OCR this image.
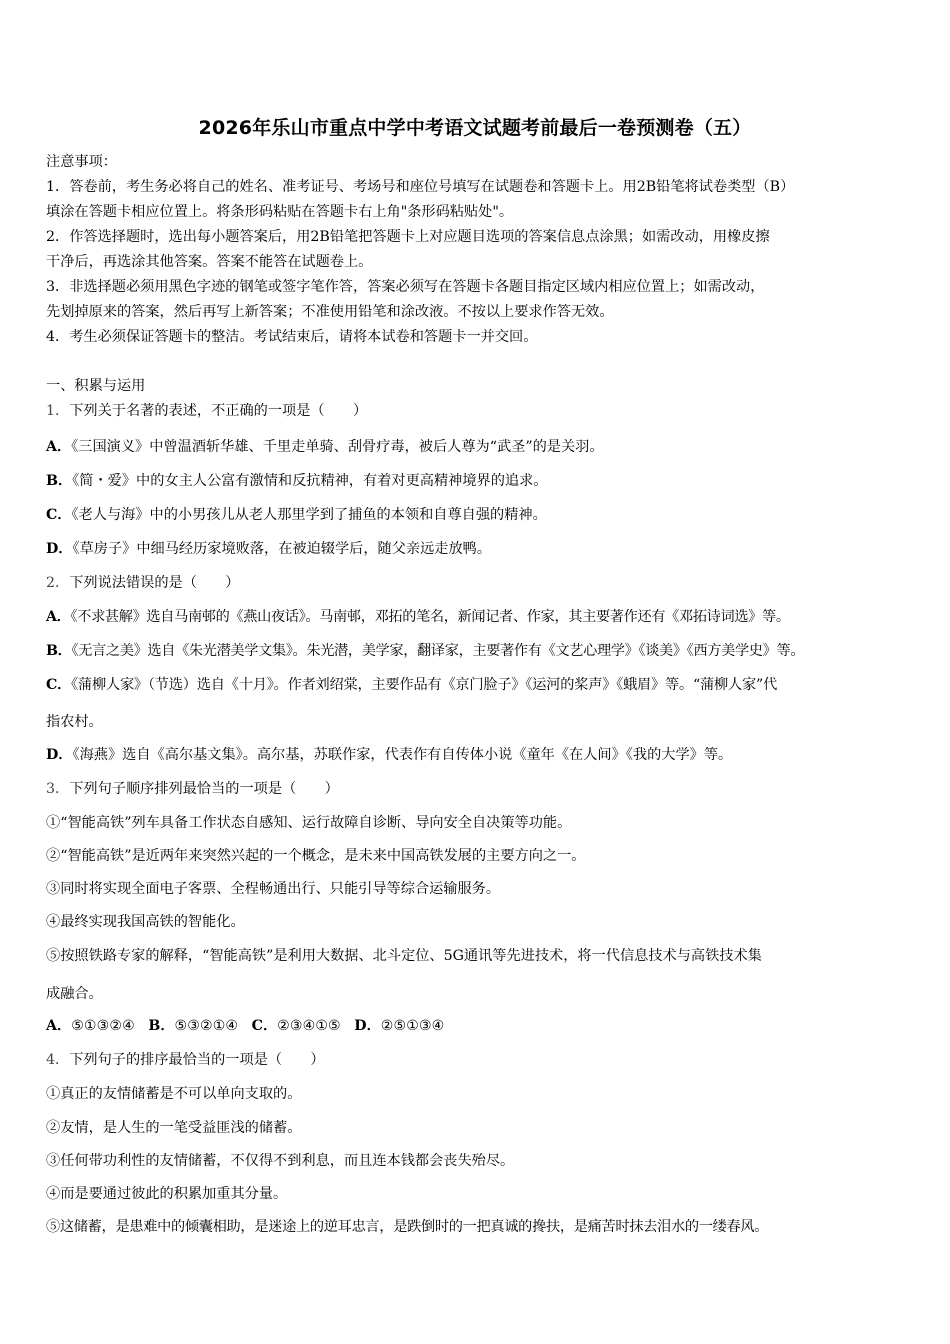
2026年乐山市重点中学中考语文试题考前最后一卷预测卷（五）
注意事项：
1．答卷前，考生务必将自己的姓名、准考证号、考场号和座位号填写在试题卷和答题卡上。用2B铅笔将试卷类型（B）
填涂在答题卡相应位置上。将条形码粘贴在答题卡右上角"条形码粘贴处"。
2．作答选择题时，选出每小题答案后，用2B铅笔把答题卡上对应题目选项的答案信息点涂黑；如需改动，用橡皮擦
干净后，再选涂其他答案。答案不能答在试题卷上。
3．非选择题必须用黑色字迹的钢笔或签字笔作答，答案必须写在答题卡各题目指定区域内相应位置上；如需改动，
先划掉原来的答案，然后再写上新答案；不准使用铅笔和涂改液。不按以上要求作答无效。
4．考生必须保证答题卡的整洁。考试结束后，请将本试卷和答题卡一并交回。
一、积累与运用
1．下列关于名著的表述，不正确的一项是（　　）
A．《三国演义》中曾温酒斩华雄、千里走单骑、刮骨疗毒，被后人尊为“武圣”的是关羽。
B．《简・爱》中的女主人公富有激情和反抗精神，有着对更高精神境界的追求。
C．《老人与海》中的小男孩儿从老人那里学到了捕鱼的本领和自尊自强的精神。
D．《草房子》中细马经历家境败落，在被迫辍学后，随父亲远走放鸭。
2．下列说法错误的是（　　）
A．《不求甚解》选自马南邨的《燕山夜话》。马南邨，邓拓的笔名，新闻记者、作家，其主要著作还有《邓拓诗词选》等。
B．《无言之美》选自《朱光潜美学文集》。朱光潜，美学家，翻译家，主要著作有《文艺心理学》《谈美》《西方美学史》等。
C．《蒲柳人家》（节选）选自《十月》。作者刘绍棠，主要作品有《京门脸子》《运河的桨声》《蛾眉》等。“蒲柳人家”代
指农村。
D．《海燕》选自《高尔基文集》。高尔基，苏联作家，代表作有自传体小说《童年《在人间》《我的大学》等。
3．下列句子顺序排列最恰当的一项是（　　）
①“智能高铁”列车具备工作状态自感知、运行故障自诊断、导向安全自决策等功能。
②“智能高铁”是近两年来突然兴起的一个概念，是未来中国高铁发展的主要方向之一。
③同时将实现全面电子客票、全程畅通出行、只能引导等综合运输服务。
④最终实现我国高铁的智能化。
⑤按照铁路专家的解释，“智能高铁”是利用大数据、北斗定位、5G通讯等先进技术，将一代信息技术与高铁技术集
成融合。
A．⑤①③②④ B．⑤③②①④ C．②③④①⑤ D．②⑤①③④
4．下列句子的排序最恰当的一项是（　　）
①真正的友情储蓄是不可以单向支取的。
②友情，是人生的一笔受益匪浅的储蓄。
③任何带功利性的友情储蓄，不仅得不到利息，而且连本钱都会丧失殆尽。
④而是要通过彼此的积累加重其分量。
⑤这储蓄，是患难中的倾囊相助，是迷途上的逆耳忠言，是跌倒时的一把真诚的搀扶，是痛苦时抹去泪水的一缕春风。
